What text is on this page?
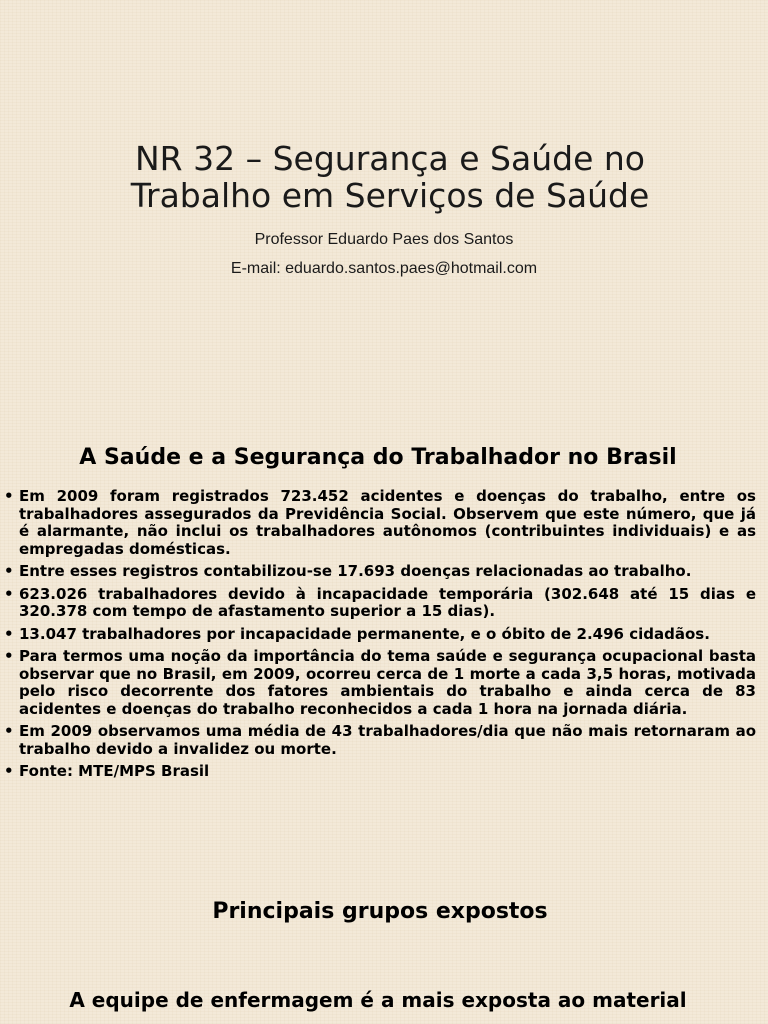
NR 32 – Segurança e Saúde no
Trabalho em Serviços de Saúde

Professor Eduardo Paes dos Santos

E-mail: eduardo.santos.paes@hotmail.com

A Saúde e a Segurança do Trabalhador no Brasil
• Em 2009 foram registrados 723.452 acidentes e doenças do trabalho, entre os trabalhadores assegurados da Previdência Social. Observem que este número, que já é alarmante, não inclui os trabalhadores autônomos (contribuintes individuais) e as empregadas domésticas.
• Entre esses registros contabilizou-se 17.693 doenças relacionadas ao trabalho.
• 623.026 trabalhadores devido à incapacidade temporária (302.648 até 15 dias e 320.378 com tempo de afastamento superior a 15 dias).
• 13.047 trabalhadores por incapacidade permanente, e o óbito de 2.496 cidadãos.
• Para termos uma noção da importância do tema saúde e segurança ocupacional basta observar que no Brasil, em 2009, ocorreu cerca de 1 morte a cada 3,5 horas, motivada pelo risco decorrente dos fatores ambientais do trabalho e ainda cerca de 83 acidentes e doenças do trabalho reconhecidos a cada 1 hora na jornada diária.
• Em 2009 observamos uma média de 43 trabalhadores/dia que não mais retornaram ao trabalho devido a invalidez ou morte.
• Fonte: MTE/MPS Brasil
Principais grupos expostos
A equipe de enfermagem é a mais exposta ao material
